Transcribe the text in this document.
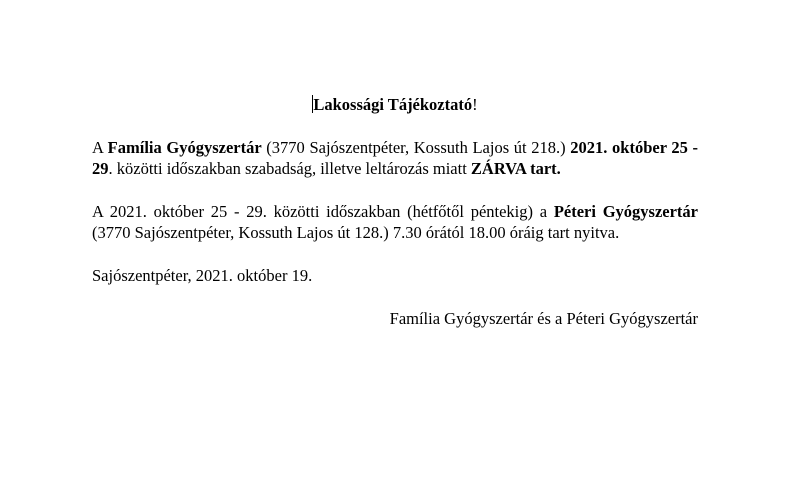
Lakossági Tájékoztató!

A Família Gyógyszertár (3770 Sajószentpéter, Kossuth Lajos út 218.) 2021. október 25 - 29. közötti időszakban szabadság, illetve leltározás miatt ZÁRVA tart.

A 2021. október 25 - 29. közötti időszakban (hétfőtől péntekig) a Péteri Gyógyszertár (3770 Sajószentpéter, Kossuth Lajos út 128.) 7.30 órától 18.00 óráig tart nyitva.

Sajószentpéter, 2021. október 19.

Família Gyógyszertár és a Péteri Gyógyszertár
